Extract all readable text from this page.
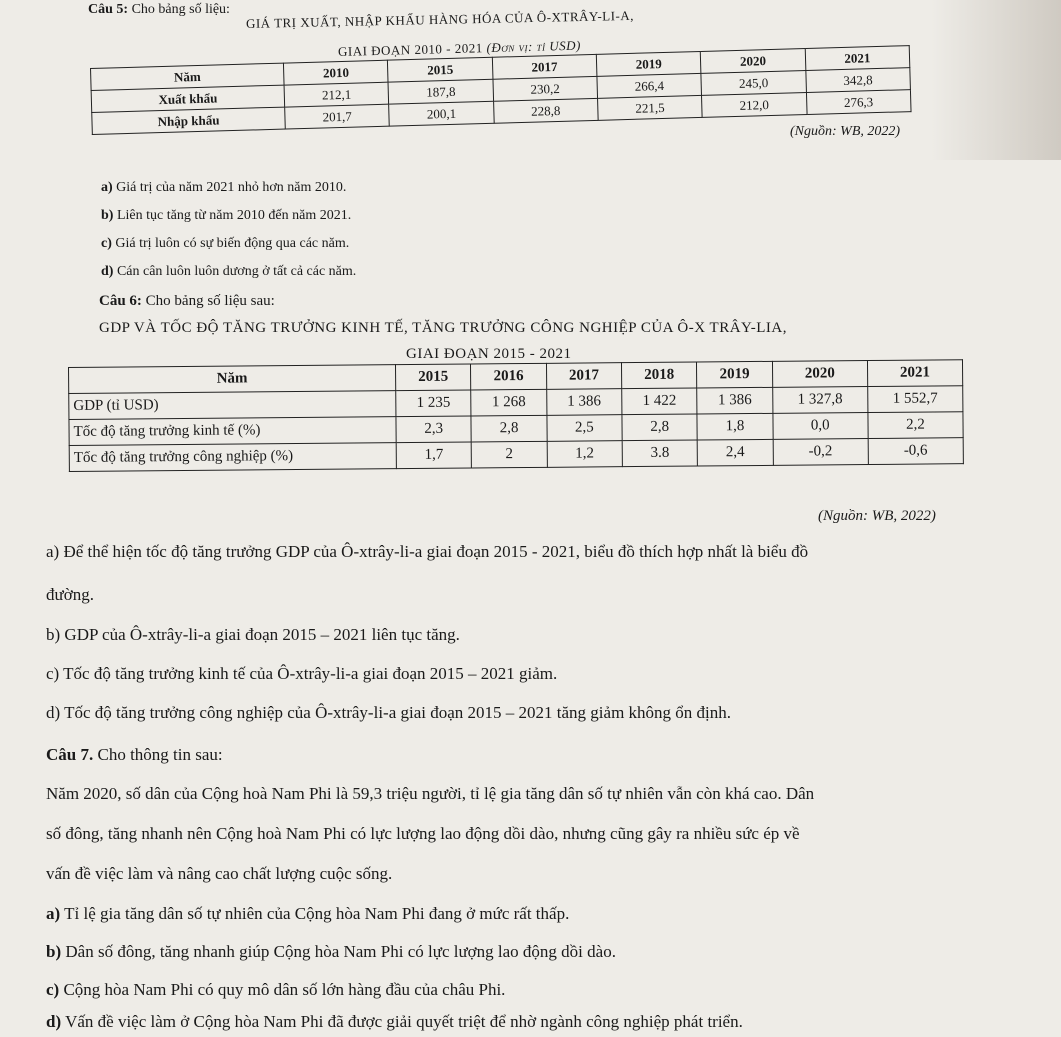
Câu 5: Cho bảng số liệu: GIÁ TRỊ XUẤT, NHẬP KHẨU HÀNG HÓA CỦA Ô-XTRÂY-LI-A,
GIAI ĐOẠN 2010 - 2021 (Đơn vị: tỉ USD)
Năm	2010	2015	2017	2019	2020	2021
Xuất khẩu	212,1	187,8	230,2	266,4	245,0	342,8
Nhập khẩu	201,7	200,1	228,8	221,5	212,0	276,3
(Nguồn: WB, 2022)
a) Giá trị của năm 2021 nhỏ hơn năm 2010.
b) Liên tục tăng từ năm 2010 đến năm 2021.
c) Giá trị luôn có sự biến động qua các năm.
d) Cán cân luôn luôn dương ở tất cả các năm.
Câu 6: Cho bảng số liệu sau:
GDP VÀ TỐC ĐỘ TĂNG TRƯỞNG KINH TẾ, TĂNG TRƯỞNG CÔNG NGHIỆP CỦA Ô-X TRÂY-LIA,
GIAI ĐOẠN 2015 - 2021
Năm	2015	2016	2017	2018	2019	2020	2021
GDP (tỉ USD)	1 235	1 268	1 386	1 422	1 386	1 327,8	1 552,7
Tốc độ tăng trưởng kinh tế (%)	2,3	2,8	2,5	2,8	1,8	0,0	2,2
Tốc độ tăng trưởng công nghiệp (%)	1,7	2	1,2	3.8	2,4	-0,2	-0,6
(Nguồn: WB, 2022)
a) Để thể hiện tốc độ tăng trưởng GDP của Ô-xtrây-li-a giai đoạn 2015 - 2021, biểu đồ thích hợp nhất là biểu đồ
đường.
b) GDP của Ô-xtrây-li-a giai đoạn 2015 – 2021 liên tục tăng.
c) Tốc độ tăng trưởng kinh tế của Ô-xtrây-li-a giai đoạn 2015 – 2021 giảm.
d) Tốc độ tăng trưởng công nghiệp của Ô-xtrây-li-a giai đoạn 2015 – 2021 tăng giảm không ổn định.
Câu 7. Cho thông tin sau:
Năm 2020, số dân của Cộng hoà Nam Phi là 59,3 triệu người, tỉ lệ gia tăng dân số tự nhiên vẫn còn khá cao. Dân
số đông, tăng nhanh nên Cộng hoà Nam Phi có lực lượng lao động dồi dào, nhưng cũng gây ra nhiều sức ép về
vấn đề việc làm và nâng cao chất lượng cuộc sống.
a) Tỉ lệ gia tăng dân số tự nhiên của Cộng hòa Nam Phi đang ở mức rất thấp.
b) Dân số đông, tăng nhanh giúp Cộng hòa Nam Phi có lực lượng lao động dồi dào.
c) Cộng hòa Nam Phi có quy mô dân số lớn hàng đầu của châu Phi.
d) Vấn đề việc làm ở Cộng hòa Nam Phi đã được giải quyết triệt để nhờ ngành công nghiệp phát triển.
